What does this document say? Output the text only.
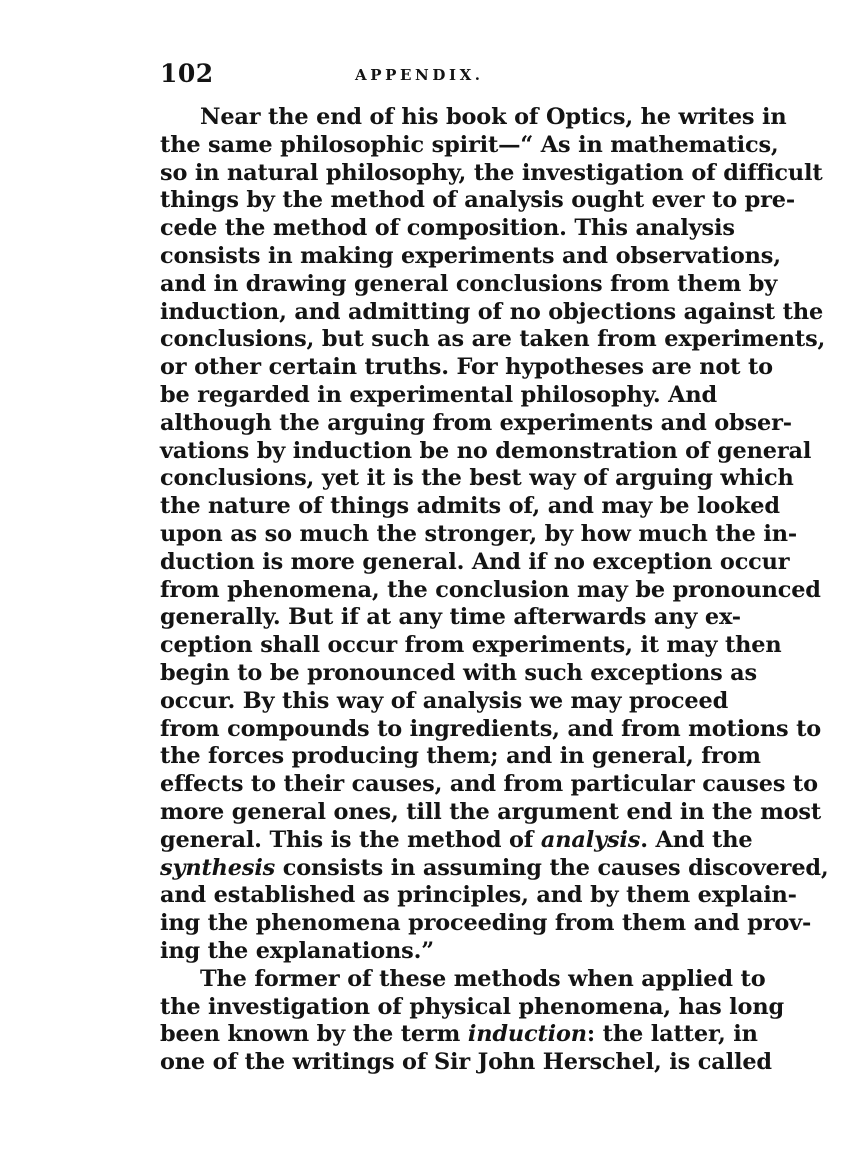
102	APPENDIX.
Near the end of his book of Optics, he writes in
the same philosophic spirit—“ As in mathematics,
so in natural philosophy, the investigation of difficult
things by the method of analysis ought ever to pre-
cede the method of composition. This analysis
consists in making experiments and observations,
and in drawing general conclusions from them by
induction, and admitting of no objections against the
conclusions, but such as are taken from experiments,
or other certain truths. For hypotheses are not to
be regarded in experimental philosophy. And
although the arguing from experiments and obser-
vations by induction be no demonstration of general
conclusions, yet it is the best way of arguing which
the nature of things admits of, and may be looked
upon as so much the stronger, by how much the in-
duction is more general. And if no exception occur
from phenomena, the conclusion may be pronounced
generally. But if at any time afterwards any ex-
ception shall occur from experiments, it may then
begin to be pronounced with such exceptions as
occur. By this way of analysis we may proceed
from compounds to ingredients, and from motions to
the forces producing them; and in general, from
effects to their causes, and from particular causes to
more general ones, till the argument end in the most
general. This is the method of analysis. And the
synthesis consists in assuming the causes discovered,
and established as principles, and by them explain-
ing the phenomena proceeding from them and prov-
ing the explanations.”
The former of these methods when applied to
the investigation of physical phenomena, has long
been known by the term induction: the latter, in
one of the writings of Sir John Herschel, is called
